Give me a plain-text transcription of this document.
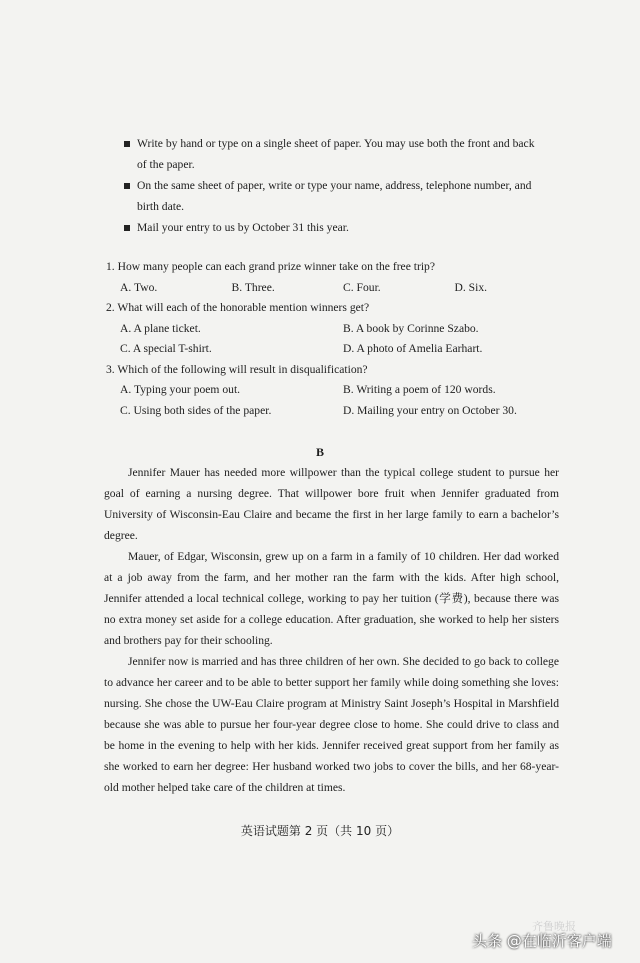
Write by hand or type on a single sheet of paper. You may use both the front and back
of the paper.
On the same sheet of paper, write or type your name, address, telephone number, and
birth date.
Mail your entry to us by October 31 this year.
1. How many people can each grand prize winner take on the free trip?
A. Two.	B. Three.	C. Four.	D. Six.
2. What will each of the honorable mention winners get?
A. A plane ticket.	B. A book by Corinne Szabo.
C. A special T-shirt.	D. A photo of Amelia Earhart.
3. Which of the following will result in disqualification?
A. Typing your poem out.	B. Writing a poem of 120 words.
C. Using both sides of the paper.	D. Mailing your entry on October 30.
B

Jennifer Mauer has needed more willpower than the typical college student to pursue her goal of earning a nursing degree. That willpower bore fruit when Jennifer graduated from University of Wisconsin-Eau Claire and became the first in her large family to earn a bachelor’s degree.

Mauer, of Edgar, Wisconsin, grew up on a farm in a family of 10 children. Her dad worked at a job away from the farm, and her mother ran the farm with the kids. After high school, Jennifer attended a local technical college, working to pay her tuition (学费), because there was no extra money set aside for a college education. After graduation, she worked to help her sisters and brothers pay for their schooling.

Jennifer now is married and has three children of her own. She decided to go back to college to advance her career and to be able to better support her family while doing something she loves: nursing. She chose the UW-Eau Claire program at Ministry Saint Joseph’s Hospital in Marshfield because she was able to pursue her four-year degree close to home. She could drive to class and be home in the evening to help with her kids. Jennifer received great support from her family as she worked to earn her degree: Her husband worked two jobs to cover the bills, and her 68-year-old mother helped take care of the children at times.

英语试题第 2 页（共 10 页）
齐鲁晚报
头条 @在临沂客户端
